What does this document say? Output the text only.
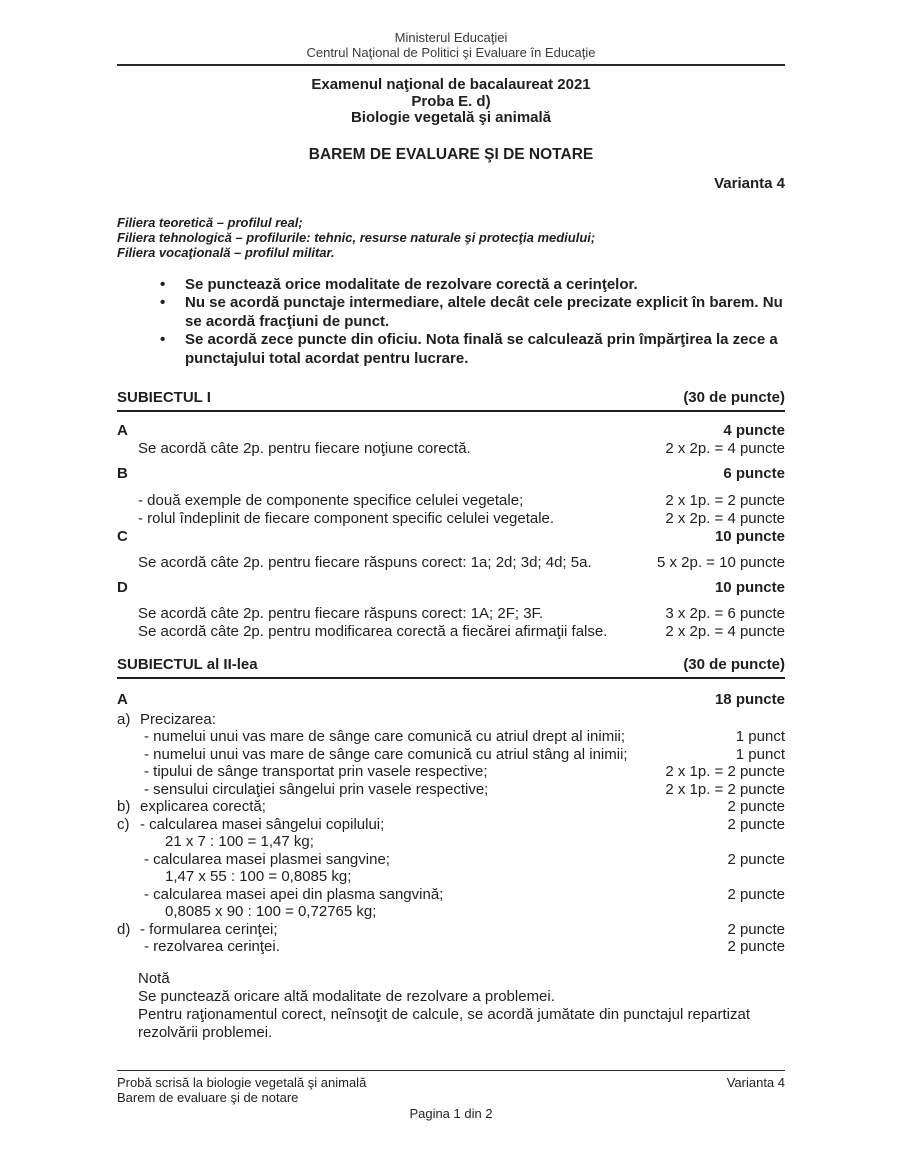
Ministerul Educaţiei
Centrul Naţional de Politici şi Evaluare în Educaţie
Examenul naţional de bacalaureat 2021
Proba E. d)
Biologie vegetală şi animală
BAREM DE EVALUARE ŞI DE NOTARE
Varianta 4
Filiera teoretică – profilul real;
Filiera tehnologică – profilurile: tehnic, resurse naturale şi protecţia mediului;
Filiera vocaţională – profilul militar.
•	Se punctează orice modalitate de rezolvare corectă a cerinţelor.
•	Nu se acordă punctaje intermediare, altele decât cele precizate explicit în barem. Nu se acordă fracţiuni de punct.
•	Se acordă zece puncte din oficiu. Nota finală se calculează prin împărţirea la zece a punctajului total acordat pentru lucrare.
SUBIECTUL I	(30 de puncte)
A	4 puncte
Se acordă câte 2p. pentru fiecare noţiune corectă.	2 x 2p. = 4 puncte
B	6 puncte
- două exemple de componente specifice celulei vegetale;	2 x 1p. = 2 puncte
- rolul îndeplinit de fiecare component specific celulei vegetale.	2 x 2p. = 4 puncte
C	10 puncte
Se acordă câte 2p. pentru fiecare răspuns corect: 1a; 2d; 3d; 4d; 5a.	5 x 2p. = 10 puncte
D	10 puncte
Se acordă câte 2p. pentru fiecare răspuns corect: 1A; 2F; 3F.	3 x 2p. = 6 puncte
Se acordă câte 2p. pentru modificarea corectă a fiecărei afirmaţii false.	2 x 2p. = 4 puncte
SUBIECTUL al II-lea	(30 de puncte)
A	18 puncte
a) Precizarea:
- numelui unui vas mare de sânge care comunică cu atriul drept al inimii;	1 punct
- numelui unui vas mare de sânge care comunică cu atriul stâng al inimii;	1 punct
- tipului de sânge transportat prin vasele respective;	2 x 1p. = 2 puncte
- sensului circulaţiei sângelui prin vasele respective;	2 x 1p. = 2 puncte
b) explicarea corectă;	2 puncte
c) - calcularea masei sângelui copilului;	2 puncte
21 x 7 : 100 = 1,47 kg;
- calcularea masei plasmei sangvine;	2 puncte
1,47 x 55 : 100 = 0,8085 kg;
- calcularea masei apei din plasma sangvină;	2 puncte
0,8085 x 90 : 100 = 0,72765 kg;
d) - formularea cerinţei;	2 puncte
- rezolvarea cerinţei.	2 puncte
Notă
Se punctează oricare altă modalitate de rezolvare a problemei.
Pentru raţionamentul corect, neînsoţit de calcule, se acordă jumătate din punctajul repartizat rezolvării problemei.
Probă scrisă la biologie vegetală şi animală	Varianta 4
Barem de evaluare şi de notare
Pagina 1 din 2
